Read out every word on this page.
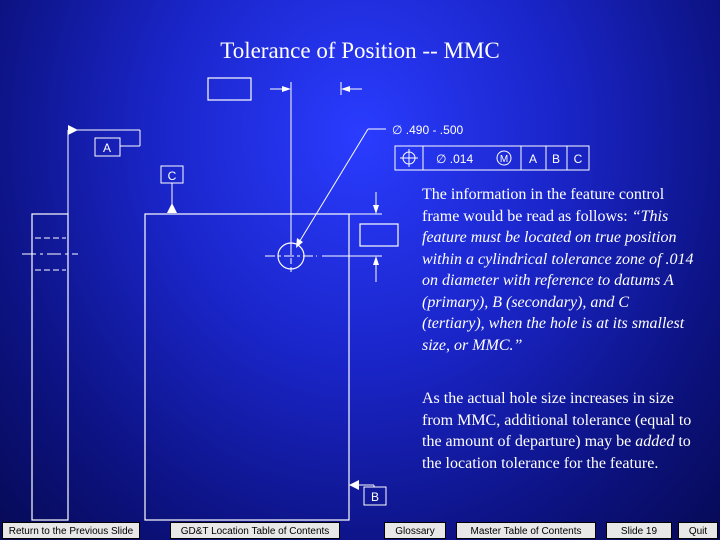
Tolerance of Position -- MMC
∅ .490 - .500
∅ .014	M A B C
A
C
B
The information in the feature control frame would be read as follows: “This feature must be located on true position within a cylindrical tolerance zone of .014 on diameter with reference to datums A (primary), B (secondary), and C (tertiary), when the hole is at its smallest size, or MMC.”
As the actual hole size increases in size from MMC, additional tolerance (equal to the amount of departure) may be added to the location tolerance for the feature.
Return to the Previous Slide	GD&T Location Table of Contents	Glossary	Master Table of Contents	Slide 19	Quit
